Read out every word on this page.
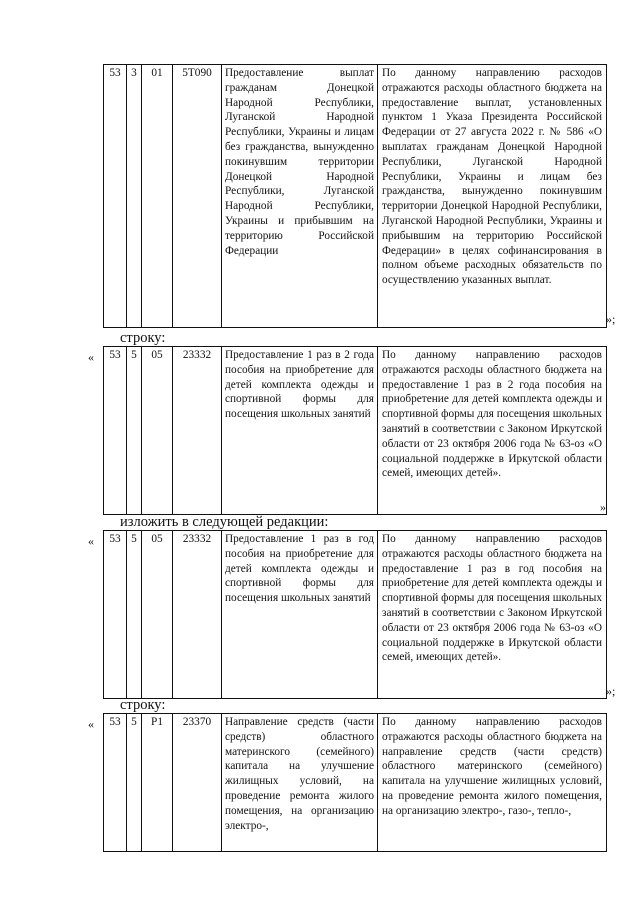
53	3	01	5Т090	Предоставление выплат гражданам Донецкой Народной Республики, Луганской Народной Республики, Украины и лицам без гражданства, вынужденно покинувшим территории Донецкой Народной Республики, Луганской Народной Республики, Украины и прибывшим на территорию Российской Федерации	По данному направлению расходов отражаются расходы областного бюджета на предоставление выплат, установленных пунктом 1 Указа Президента Российской Федерации от 27 августа 2022 г. № 586 «О выплатах гражданам Донецкой Народной Республики, Луганской Народной Республики, Украины и лицам без гражданства, вынужденно покинувшим территории Донецкой Народной Республики, Луганской Народной Республики, Украины и прибывшим на территорию Российской Федерации» в целях софинансирования в полном объеме расходных обязательств по осуществлению указанных выплат.
»;
строку:
« 53	5	05	23332	Предоставление 1 раз в 2 года пособия на приобретение для детей комплекта одежды и спортивной формы для посещения школьных занятий	По данному направлению расходов отражаются расходы областного бюджета на предоставление 1 раз в 2 года пособия на приобретение для детей комплекта одежды и спортивной формы для посещения школьных занятий в соответствии с Законом Иркутской области от 23 октября 2006 года № 63-оз «О социальной поддержке в Иркутской области семей, имеющих детей».
»
изложить в следующей редакции:
« 53	5	05	23332	Предоставление 1 раз в год пособия на приобретение для детей комплекта одежды и спортивной формы для посещения школьных занятий	По данному направлению расходов отражаются расходы областного бюджета на предоставление 1 раз в год пособия на приобретение для детей комплекта одежды и спортивной формы для посещения школьных занятий в соответствии с Законом Иркутской области от 23 октября 2006 года № 63-оз «О социальной поддержке в Иркутской области семей, имеющих детей».
»;
строку:
« 53	5	Р1	23370	Направление средств (части средств) областного материнского (семейного) капитала на улучшение жилищных условий, на проведение ремонта жилого помещения, на организацию электро-,	По данному направлению расходов отражаются расходы областного бюджета на направление средств (части средств) областного материнского (семейного) капитала на улучшение жилищных условий, на проведение ремонта жилого помещения, на организацию электро-, газо-, тепло-,
